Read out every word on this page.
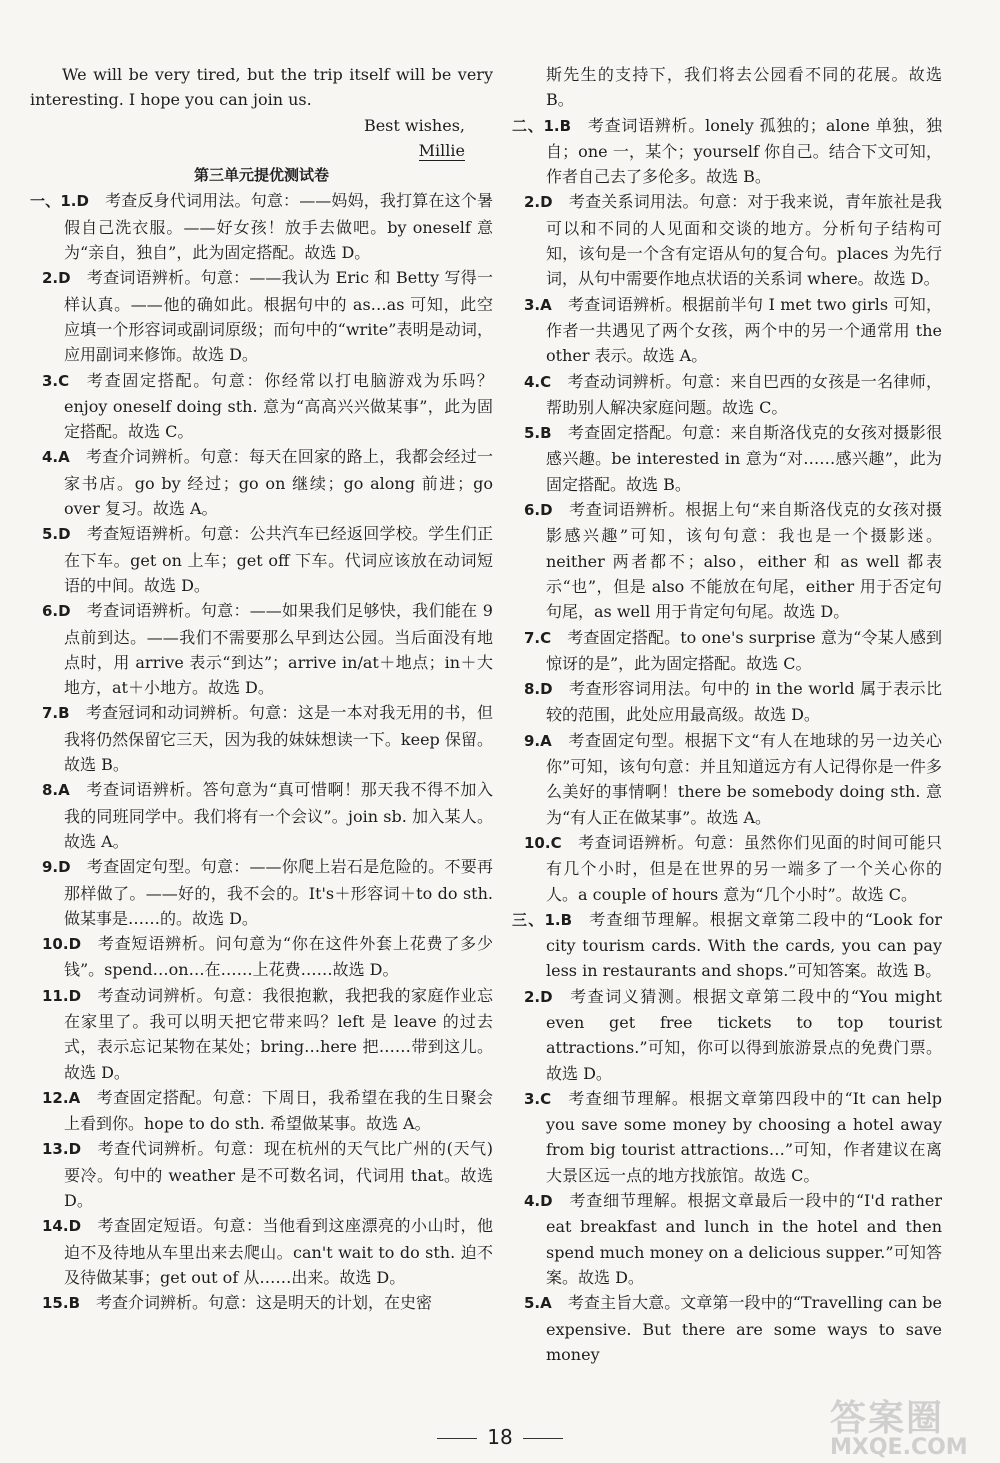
We will be very tired, but the trip itself will be very interesting. I hope you can join us.
Best wishes,
Millie
第三单元提优测试卷
一、1.D  考查反身代词用法。句意：——妈妈，我打算在这个暑假自己洗衣服。——好女孩！放手去做吧。by oneself 意为“亲自，独自”，此为固定搭配。故选 D。
2.D  考查词语辨析。句意：——我认为 Eric 和 Betty 写得一样认真。——他的确如此。根据句中的 as…as 可知，此空应填一个形容词或副词原级；而句中的“write”表明是动词，应用副词来修饰。故选 D。
3.C  考查固定搭配。句意：你经常以打电脑游戏为乐吗？enjoy oneself doing sth. 意为“高高兴兴做某事”，此为固定搭配。故选 C。
4.A  考查介词辨析。句意：每天在回家的路上，我都会经过一家书店。go by 经过；go on 继续；go along 前进；go over 复习。故选 A。
5.D  考查短语辨析。句意：公共汽车已经返回学校。学生们正在下车。get on 上车；get off 下车。代词应该放在动词短语的中间。故选 D。
6.D  考查词语辨析。句意：——如果我们足够快，我们能在 9 点前到达。——我们不需要那么早到达公园。当后面没有地点时，用 arrive 表示“到达”；arrive in/at＋地点；in＋大地方，at＋小地方。故选 D。
7.B  考查冠词和动词辨析。句意：这是一本对我无用的书，但我将仍然保留它三天，因为我的妹妹想读一下。keep 保留。故选 B。
8.A  考查词语辨析。答句意为“真可惜啊！那天我不得不加入我的同班同学中。我们将有一个会议”。join sb. 加入某人。故选 A。
9.D  考查固定句型。句意：——你爬上岩石是危险的。不要再那样做了。——好的，我不会的。It's＋形容词＋to do sth. 做某事是……的。故选 D。
10.D  考查短语辨析。问句意为“你在这件外套上花费了多少钱”。spend…on…在……上花费……故选 D。
11.D  考查动词辨析。句意：我很抱歉，我把我的家庭作业忘在家里了。我可以明天把它带来吗？left 是 leave 的过去式，表示忘记某物在某处；bring…here 把……带到这儿。故选 D。
12.A  考查固定搭配。句意：下周日，我希望在我的生日聚会上看到你。hope to do sth. 希望做某事。故选 A。
13.D  考查代词辨析。句意：现在杭州的天气比广州的(天气)要冷。句中的 weather 是不可数名词，代词用 that。故选 D。
14.D  考查固定短语。句意：当他看到这座漂亮的小山时，他迫不及待地从车里出来去爬山。can't wait to do sth. 迫不及待做某事；get out of 从……出来。故选 D。
15.B  考查介词辨析。句意：这是明天的计划，在史密
斯先生的支持下，我们将去公园看不同的花展。故选 B。
二、1.B  考查词语辨析。lonely 孤独的；alone 单独，独自；one 一，某个；yourself 你自己。结合下文可知，作者自己去了多伦多。故选 B。
2.D  考查关系词用法。句意：对于我来说，青年旅社是我可以和不同的人见面和交谈的地方。分析句子结构可知，该句是一个含有定语从句的复合句。places 为先行词，从句中需要作地点状语的关系词 where。故选 D。
3.A  考查词语辨析。根据前半句 I met two girls 可知，作者一共遇见了两个女孩，两个中的另一个通常用 the other 表示。故选 A。
4.C  考查动词辨析。句意：来自巴西的女孩是一名律师，帮助别人解决家庭问题。故选 C。
5.B  考查固定搭配。句意：来自斯洛伐克的女孩对摄影很感兴趣。be interested in 意为“对……感兴趣”，此为固定搭配。故选 B。
6.D  考查词语辨析。根据上句“来自斯洛伐克的女孩对摄影感兴趣”可知，该句句意：我也是一个摄影迷。neither 两者都不；also，either 和 as well 都表示“也”，但是 also 不能放在句尾，either 用于否定句句尾，as well 用于肯定句句尾。故选 D。
7.C  考查固定搭配。to one's surprise 意为“令某人感到惊讶的是”，此为固定搭配。故选 C。
8.D  考查形容词用法。句中的 in the world 属于表示比较的范围，此处应用最高级。故选 D。
9.A  考查固定句型。根据下文“有人在地球的另一边关心你”可知，该句句意：并且知道远方有人记得你是一件多么美好的事情啊！there be somebody doing sth. 意为“有人正在做某事”。故选 A。
10.C  考查词语辨析。句意：虽然你们见面的时间可能只有几个小时，但是在世界的另一端多了一个关心你的人。a couple of hours 意为“几个小时”。故选 C。
三、1.B  考查细节理解。根据文章第二段中的“Look for city tourism cards. With the cards, you can pay less in restaurants and shops.”可知答案。故选 B。
2.D  考查词义猜测。根据文章第二段中的“You might even get free tickets to top tourist attractions.”可知，你可以得到旅游景点的免费门票。故选 D。
3.C  考查细节理解。根据文章第四段中的“It can help you save some money by choosing a hotel away from big tourist attractions…”可知，作者建议在离大景区远一点的地方找旅馆。故选 C。
4.D  考查细节理解。根据文章最后一段中的“I'd rather eat breakfast and lunch in the hotel and then spend much money on a delicious supper.”可知答案。故选 D。
5.A  考查主旨大意。文章第一段中的“Travelling can be expensive. But there are some ways to save money
18	答案圈
MXQE.COM
